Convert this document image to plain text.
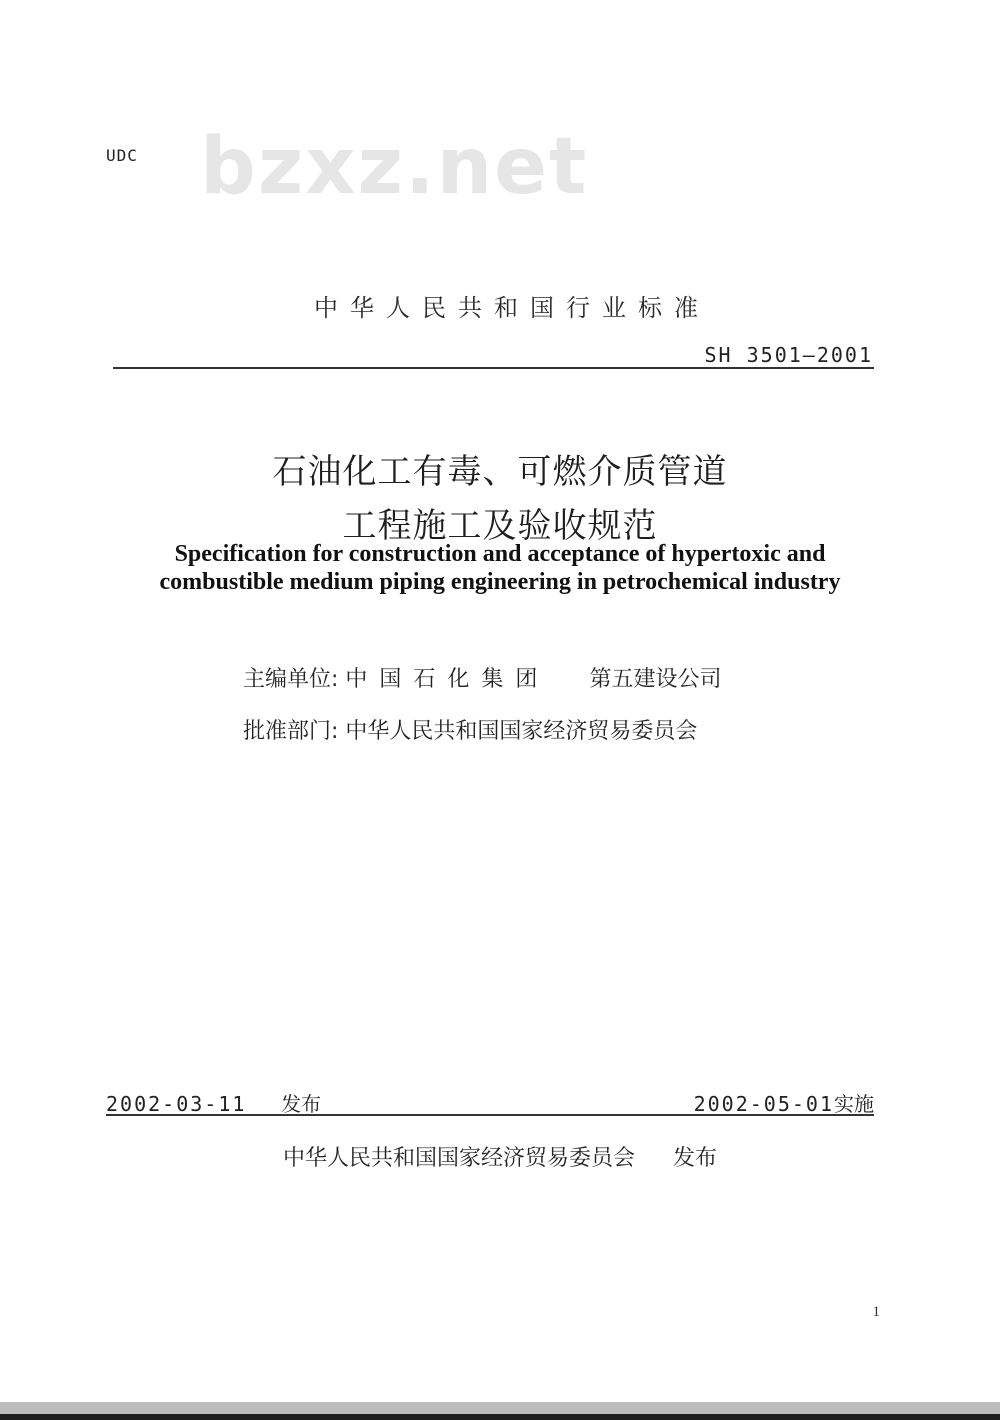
UDC bzxz.net
中华人民共和国行业标准
SH 3501—2001
石油化工有毒、可燃介质管道
工程施工及验收规范
Specification for construction and acceptance of hypertoxic and
combustible medium piping engineering in petrochemical industry
主编单位: 中国石化集团 第五建设公司
批准部门: 中华人民共和国国家经济贸易委员会
2002-03-11 发布	2002-05-01实施
中华人民共和国国家经济贸易委员会 发布
1
